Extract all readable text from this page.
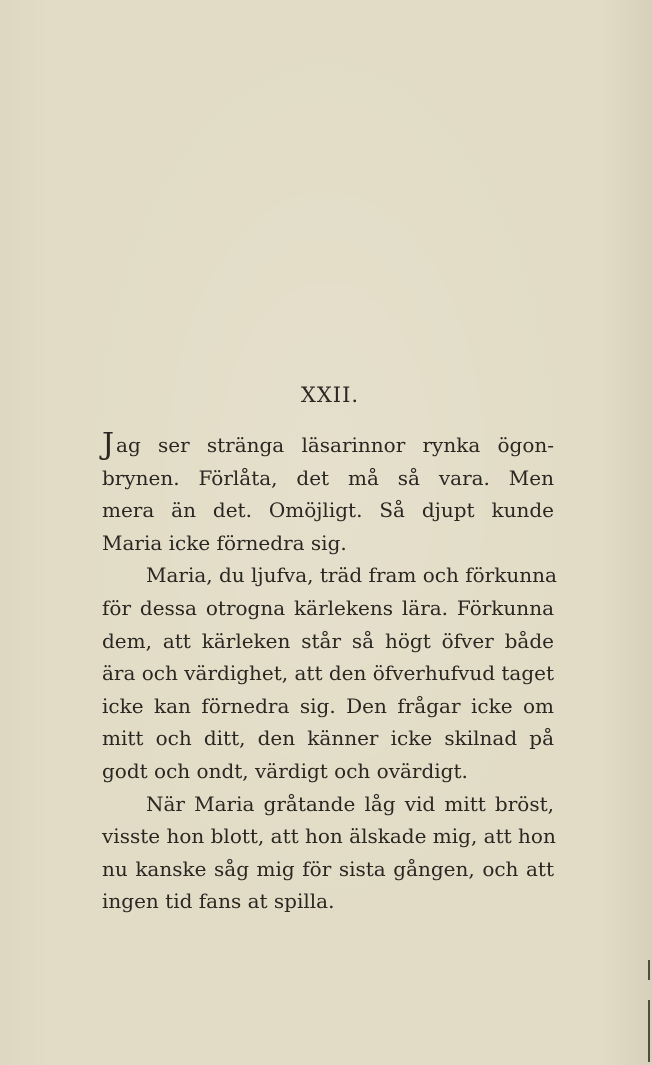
XXII.
Jag ser stränga läsarinnor rynka ögon-
brynen. Förlåta, det må så vara. Men
mera än det. Omöjligt. Så djupt kunde
Maria icke förnedra sig.
Maria, du ljufva, träd fram och förkunna
för dessa otrogna kärlekens lära. Förkunna
dem, att kärleken står så högt öfver både
ära och värdighet, att den öfverhufvud taget
icke kan förnedra sig. Den frågar icke om
mitt och ditt, den känner icke skilnad på
godt och ondt, värdigt och ovärdigt.
När Maria gråtande låg vid mitt bröst,
visste hon blott, att hon älskade mig, att hon
nu kanske såg mig för sista gången, och att
ingen tid fans at spilla.
